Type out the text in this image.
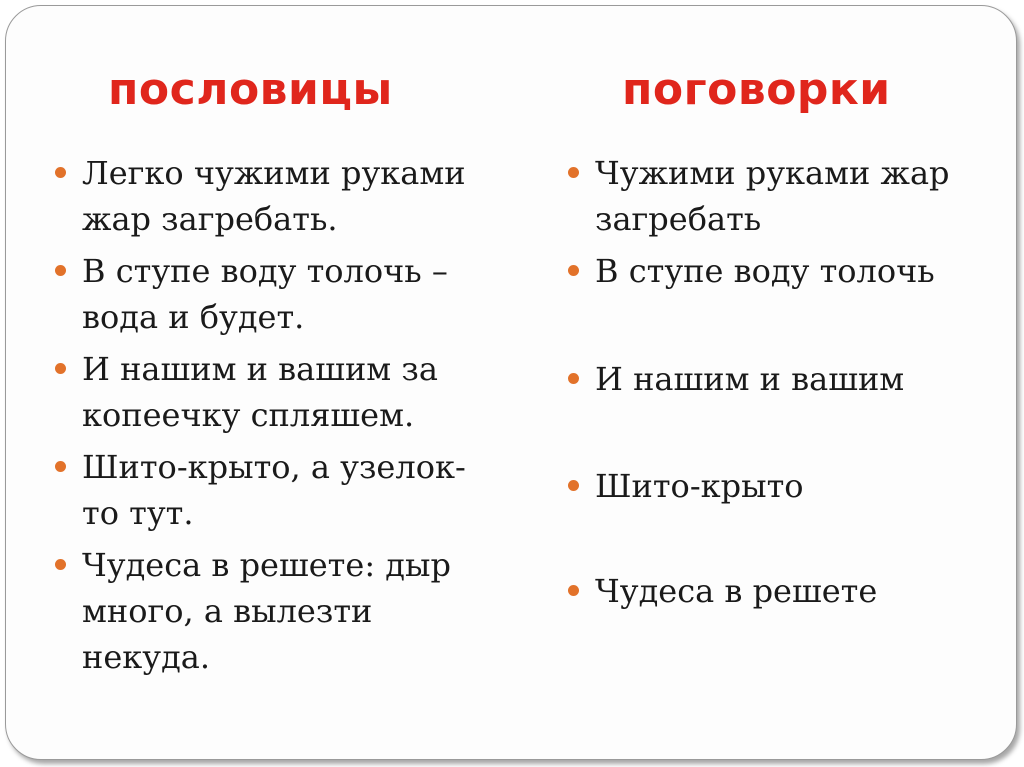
пословицы	поговорки
Легко чужими руками жар загребать.
В ступе воду толочь – вода и будет.
И нашим и вашим за копеечку спляшем.
Шито-крыто, а узелок-то тут.
Чудеса в решете: дыр много, а вылезти некуда.
Чужими руками жар загребать
В ступе воду толочь
И нашим и вашим
Шито-крыто
Чудеса в решете
